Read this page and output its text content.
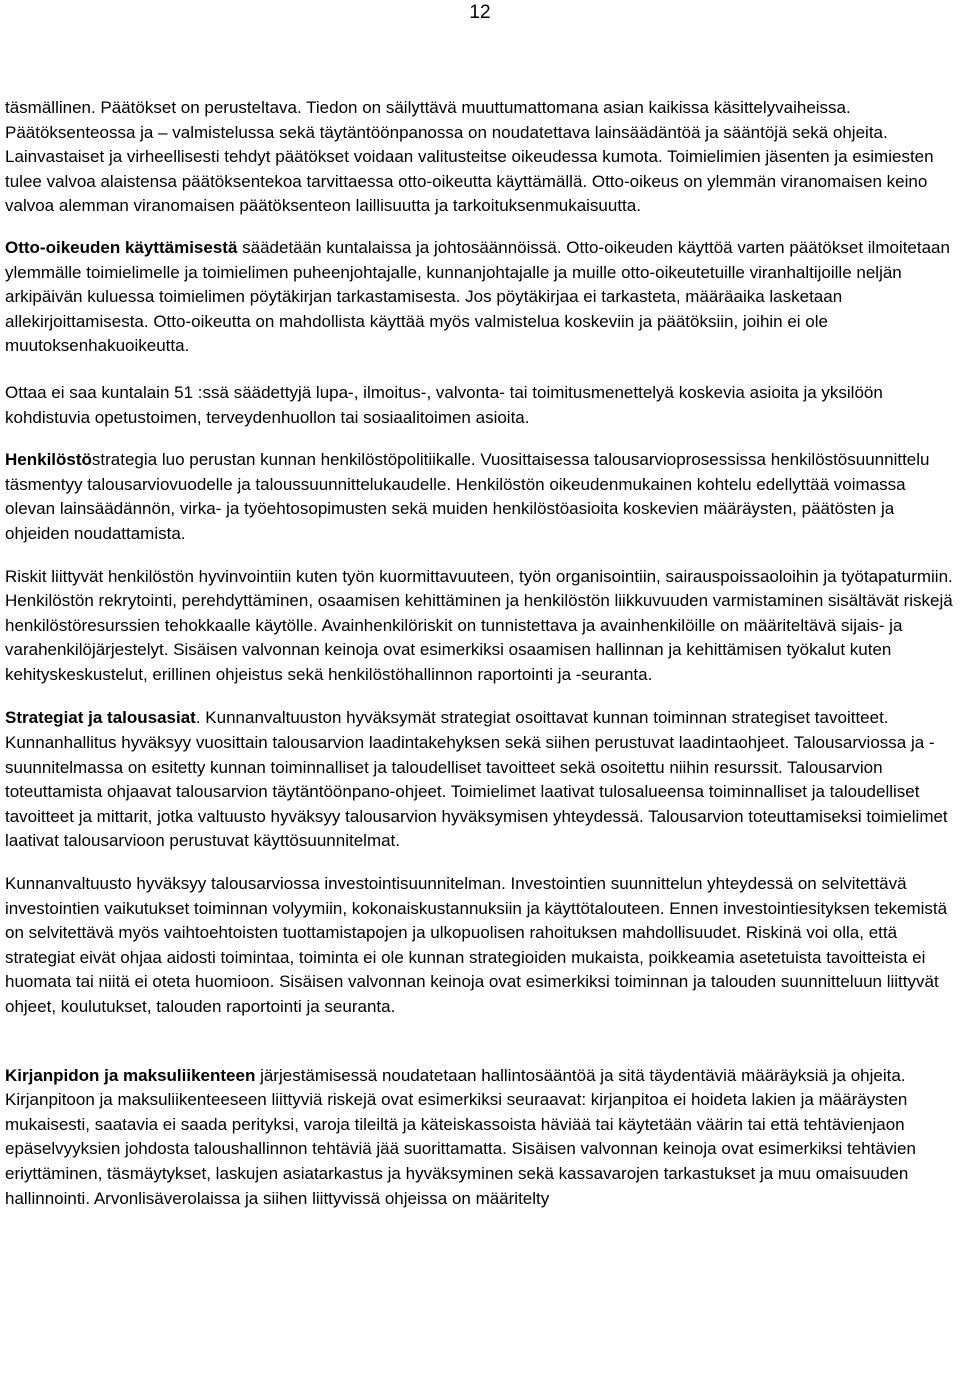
12

täsmällinen. Päätökset on perusteltava. Tiedon on säilyttävä muuttumattomana asian kaikissa käsittelyvaiheissa. Päätöksenteossa ja – valmistelussa sekä täytäntöönpanossa on noudatettava lainsäädäntöä ja sääntöjä sekä ohjeita. Lainvastaiset ja virheellisesti tehdyt päätökset voidaan valitusteitse oikeudessa kumota. Toimielimien jäsenten ja esimiesten tulee valvoa alaistensa päätöksentekoa tarvittaessa otto-oikeutta käyttämällä. Otto-oikeus on ylemmän viranomaisen keino valvoa alemman viranomaisen päätöksenteon laillisuutta ja tarkoituksenmukaisuutta.

Otto-oikeuden käyttämisestä säädetään kuntalaissa ja johtosäännöissä. Otto-oikeuden käyttöä varten päätökset ilmoitetaan ylemmälle toimielimelle ja toimielimen puheenjohtajalle, kunnanjohtajalle ja muille otto-oikeutetuille viranhaltijoille neljän arkipäivän kuluessa toimielimen pöytäkirjan tarkastamisesta. Jos pöytäkirjaa ei tarkasteta, määräaika lasketaan allekirjoittamisesta. Otto-oikeutta on mahdollista käyttää myös valmistelua koskeviin ja päätöksiin, joihin ei ole muutoksenhakuoikeutta.

Ottaa ei saa kuntalain 51 :ssä säädettyjä lupa-, ilmoitus-, valvonta- tai toimitusmenettelyä koskevia asioita ja yksilöön kohdistuvia opetustoimen, terveydenhuollon tai sosiaalitoimen asioita.

Henkilöstöstrategia luo perustan kunnan henkilöstöpolitiikalle. Vuosittaisessa talousarvioprosessissa henkilöstösuunnittelu täsmentyy talousarviovuodelle ja taloussuunnittelukaudelle. Henkilöstön oikeudenmukainen kohtelu edellyttää voimassa olevan lainsäädännön, virka- ja työehtosopimusten sekä muiden henkilöstöasioita koskevien määräysten, päätösten ja ohjeiden noudattamista.

Riskit liittyvät henkilöstön hyvinvointiin kuten työn kuormittavuuteen, työn organisointiin, sairauspoissaoloihin ja työtapaturmiin. Henkilöstön rekrytointi, perehdyttäminen, osaamisen kehittäminen ja henkilöstön liikkuvuuden varmistaminen sisältävät riskejä henkilöstöresurssien tehokkaalle käytölle. Avainhenkilöriskit on tunnistettava ja avainhenkilöille on määriteltävä sijais- ja varahenkilöjärjestelyt. Sisäisen valvonnan keinoja ovat esimerkiksi osaamisen hallinnan ja kehittämisen työkalut kuten kehityskeskustelut, erillinen ohjeistus sekä henkilöstöhallinnon raportointi ja -seuranta.

Strategiat ja talousasiat. Kunnanvaltuuston hyväksymät strategiat osoittavat kunnan toiminnan strategiset tavoitteet. Kunnanhallitus hyväksyy vuosittain talousarvion laadintakehyksen sekä siihen perustuvat laadintaohjeet. Talousarviossa ja -suunnitelmassa on esitetty kunnan toiminnalliset ja taloudelliset tavoitteet sekä osoitettu niihin resurssit. Talousarvion toteuttamista ohjaavat talousarvion täytäntöönpano-ohjeet. Toimielimet laativat tulosalueensa toiminnalliset ja taloudelliset tavoitteet ja mittarit, jotka valtuusto hyväksyy talousarvion hyväksymisen yhteydessä. Talousarvion toteuttamiseksi toimielimet laativat talousarvioon perustuvat käyttösuunnitelmat.

Kunnanvaltuusto hyväksyy talousarviossa investointisuunnitelman. Investointien suunnittelun yhteydessä on selvitettävä investointien vaikutukset toiminnan volyymiin, kokonaiskustannuksiin ja käyttötalouteen. Ennen investointiesityksen tekemistä on selvitettävä myös vaihtoehtoisten tuottamistapojen ja ulkopuolisen rahoituksen mahdollisuudet. Riskinä voi olla, että strategiat eivät ohjaa aidosti toimintaa, toiminta ei ole kunnan strategioiden mukaista, poikkeamia asetetuista tavoitteista ei huomata tai niitä ei oteta huomioon. Sisäisen valvonnan keinoja ovat esimerkiksi toiminnan ja talouden suunnitteluun liittyvät ohjeet, koulutukset, talouden raportointi ja seuranta.

Kirjanpidon ja maksuliikenteen järjestämisessä noudatetaan hallintosääntöä ja sitä täydentäviä määräyksiä ja ohjeita. Kirjanpitoon ja maksuliikenteeseen liittyviä riskejä ovat esimerkiksi seuraavat: kirjanpitoa ei hoideta lakien ja määräysten mukaisesti, saatavia ei saada perityksi, varoja tileiltä ja käteiskassoista häviää tai käytetään väärin tai että tehtävienjaon epäselvyyksien johdosta taloushallinnon tehtäviä jää suorittamatta. Sisäisen valvonnan keinoja ovat esimerkiksi tehtävien eriyttäminen, täsmäytykset, laskujen asiatarkastus ja hyväksyminen sekä kassavarojen tarkastukset ja muu omaisuuden hallinnointi. Arvonlisäverolaissa ja siihen liittyvissä ohjeissa on määritelty
